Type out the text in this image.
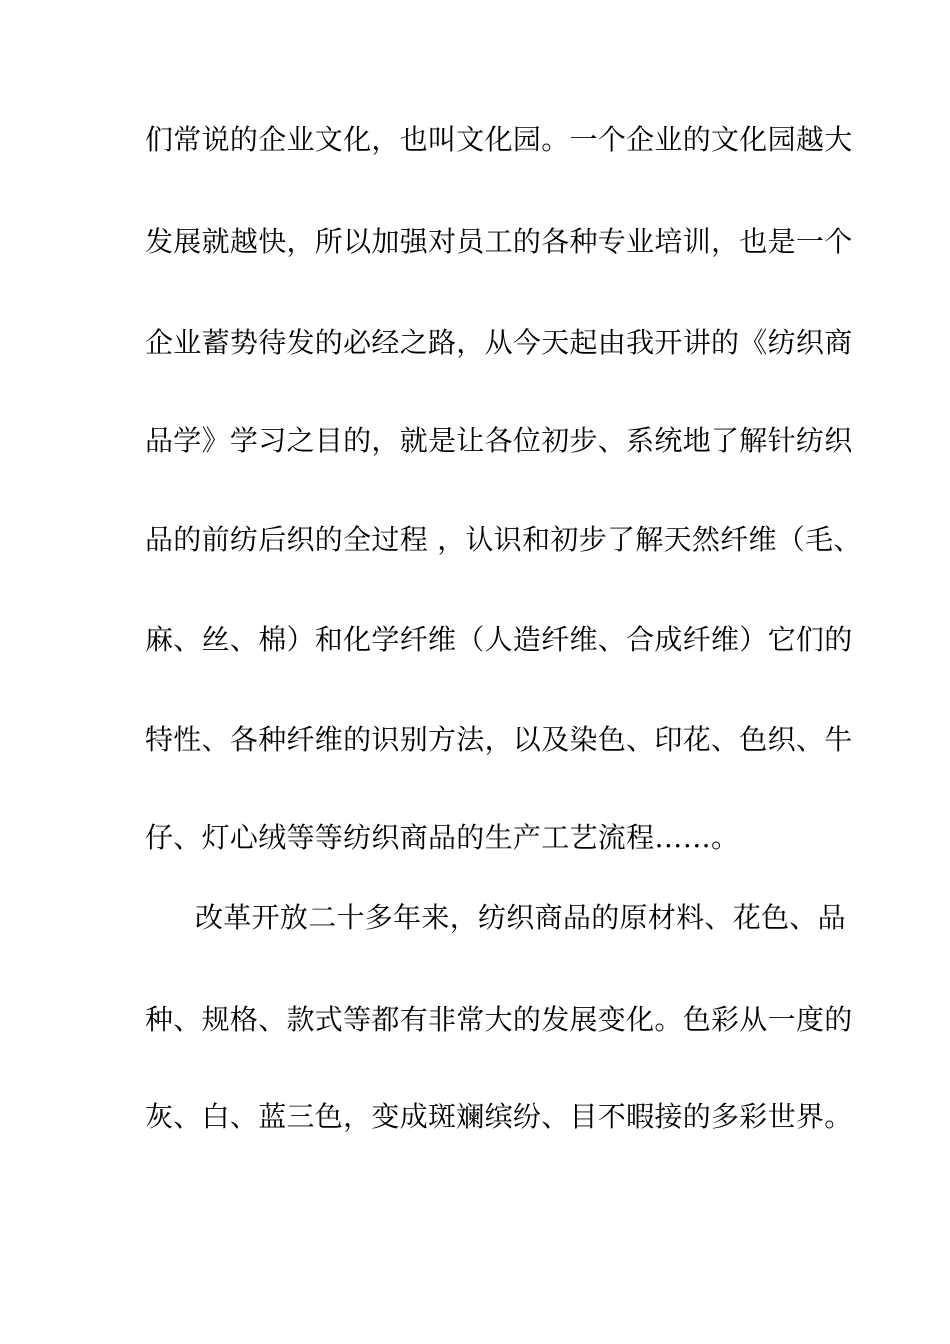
们常说的企业文化，也叫文化园。一个企业的文化园越大
发展就越快，所以加强对员工的各种专业培训，也是一个
企业蓄势待发的必经之路，从今天起由我开讲的《纺织商
品学》学习之目的，就是让各位初步、系统地了解针纺织
品的前纺后织的全过程 ，认识和初步了解天然纤维（毛、
麻、丝、棉）和化学纤维（人造纤维、合成纤维）它们的
特性、各种纤维的识别方法，以及染色、印花、色织、牛
仔、灯心绒等等纺织商品的生产工艺流程……。
改革开放二十多年来，纺织商品的原材料、花色、品
种、规格、款式等都有非常大的发展变化。色彩从一度的
灰、白、蓝三色，变成斑斓缤纷、目不暇接的多彩世界。
